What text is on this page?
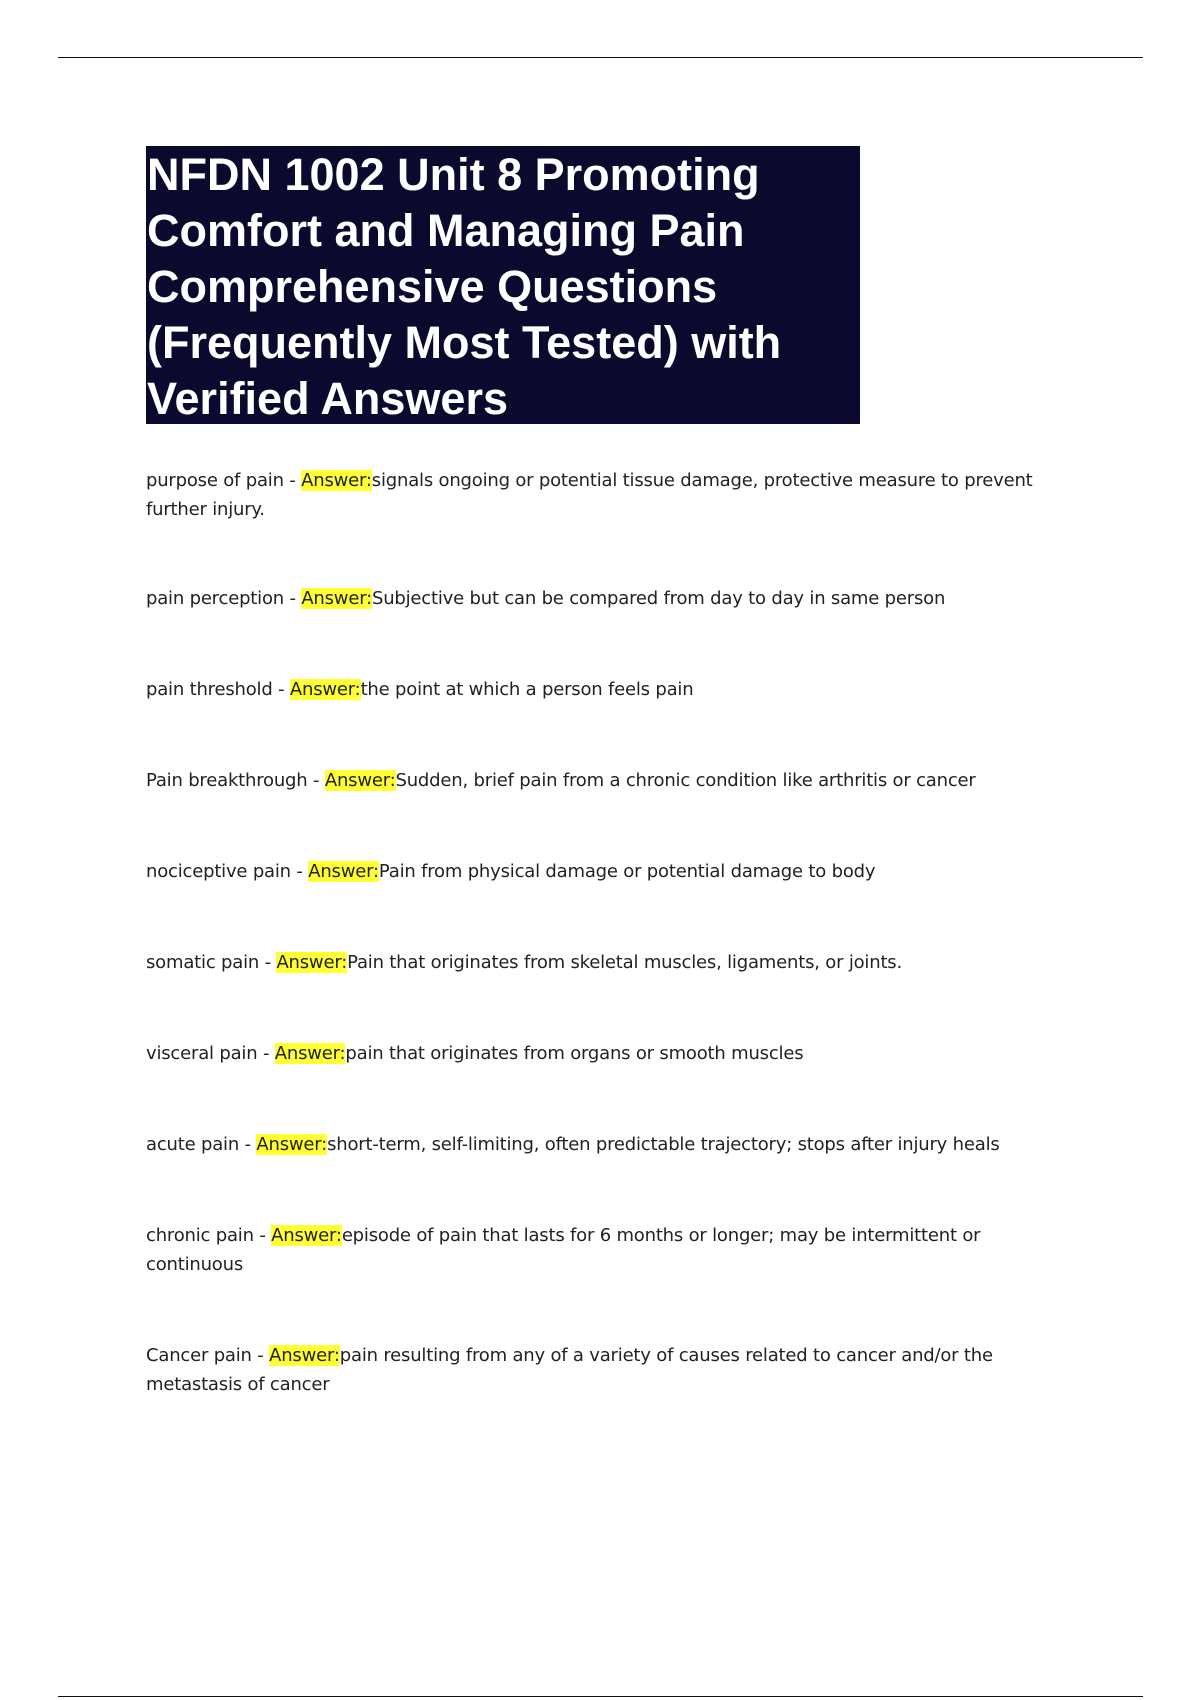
NFDN 1002 Unit 8 Promoting Comfort and Managing Pain Comprehensive Questions (Frequently Most Tested) with Verified Answers
purpose of pain - Answer:signals ongoing or potential tissue damage, protective measure to prevent further injury.
pain perception - Answer:Subjective but can be compared from day to day in same person
pain threshold - Answer:the point at which a person feels pain
Pain breakthrough - Answer:Sudden, brief pain from a chronic condition like arthritis or cancer
nociceptive pain - Answer:Pain from physical damage or potential damage to body
somatic pain - Answer:Pain that originates from skeletal muscles, ligaments, or joints.
visceral pain - Answer:pain that originates from organs or smooth muscles
acute pain - Answer:short-term, self-limiting, often predictable trajectory; stops after injury heals
chronic pain - Answer:episode of pain that lasts for 6 months or longer; may be intermittent or continuous
Cancer pain - Answer:pain resulting from any of a variety of causes related to cancer and/or the metastasis of cancer
